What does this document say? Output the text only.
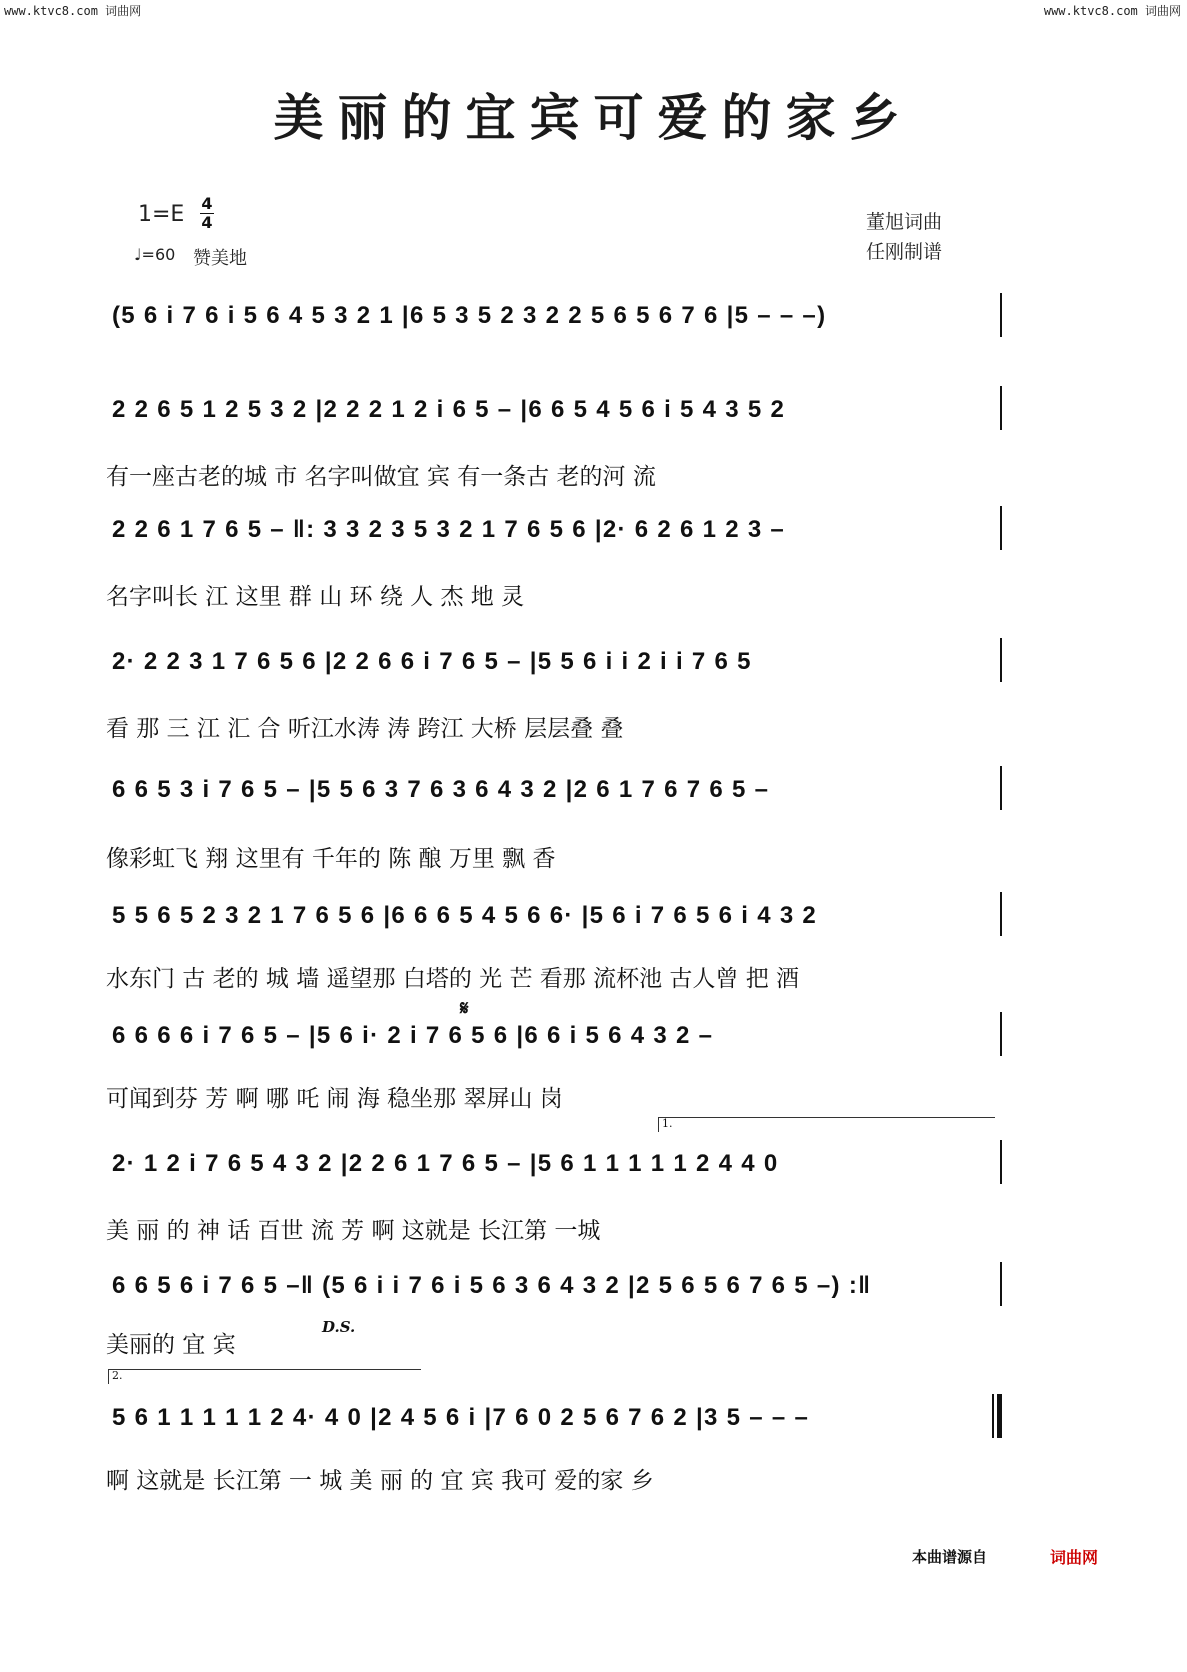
www.ktvc8.com 词曲网	www.ktvc8.com 词曲网
美丽的宜宾可爱的家乡
1=E 4
4
♩=60 赞美地
董旭词曲
任刚制谱
(5 6 i 7 6 i 5 6 4 5 3 2 1 |6 5 3 5 2 3 2 2 5 6 5 6 7 6 |5 – – –)
2 2 6 5 1 2 5 3 2 |2 2 2 1 2 i 6 5 – |6 6 5 4 5 6 i 5 4 3 5 2
有一座古老的城 市 名字叫做宜 宾 有一条古 老的河 流
2 2 6 1 7 6 5 – ‖: 3 3 2 3 5 3 2 1 7 6 5 6 |2· 6 2 6 1 2 3 –
名字叫长 江 这里 群 山 环 绕 人 杰 地 灵
2· 2 2 3 1 7 6 5 6 |2 2 6 6 i 7 6 5 – |5 5 6 i i 2 i i 7 6 5
看 那 三 江 汇 合 听江水涛 涛 跨江 大桥 层层叠 叠
6 6 5 3 i 7 6 5 – |5 5 6 3 7 6 3 6 4 3 2 |2 6 1 7 6 7 6 5 –
像彩虹飞 翔 这里有 千年的 陈 酿 万里 飘 香
5 5 6 5 2 3 2 1 7 6 5 6 |6 6 6 5 4 5 6 6· |5 6 i 7 6 5 6 i 4 3 2
水东门 古 老的 城 墙 遥望那 白塔的 光 芒 看那 流杯池 古人曾 把 酒
𝄋
6 6 6 6 i 7 6 5 – |5 6 i· 2 i 7 6 5 6 |6 6 i 5 6 4 3 2 –
可闻到芬 芳 啊 哪 吒 闹 海 稳坐那 翠屏山 岗
1.
2· 1 2 i 7 6 5 4 3 2 |2 2 6 1 7 6 5 – |5 6 1 1 1 1 1 2 4 4 0
美 丽 的 神 话 百世 流 芳 啊 这就是 长江第 一城
6 6 5 6 i 7 6 5 –‖ (5 6 i i 7 6 i 5 6 3 6 4 3 2 |2 5 6 5 6 7 6 5 –) :‖
美丽的 宜 宾
D.S.
2.
5 6 1 1 1 1 1 2 4· 4 0 |2 4 5 6 i |7 6 0 2 5 6 7 6 2 |3 5 – – –
啊 这就是 长江第 一 城 美 丽 的 宜 宾 我可 爱的家 乡
本曲谱源自	词曲网
